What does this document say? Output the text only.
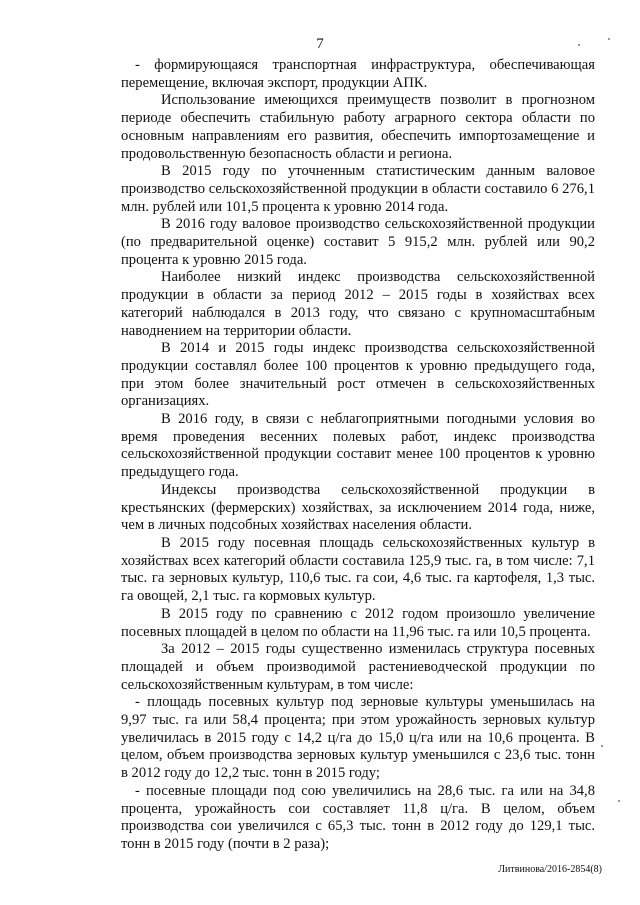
7

- формирующаяся транспортная инфраструктура, обеспечивающая перемещение, включая экспорт, продукции АПК.

Использование имеющихся преимуществ позволит в прогнозном периоде обеспечить стабильную работу аграрного сектора области по основным направлениям его развития, обеспечить импортозамещение и продовольственную безопасность области и региона.

В 2015 году по уточненным статистическим данным валовое производство сельскохозяйственной продукции в области составило 6 276,1 млн. рублей или 101,5 процента к уровню 2014 года.

В 2016 году валовое производство сельскохозяйственной продукции (по предварительной оценке) составит 5 915,2 млн. рублей или 90,2 процента к уровню 2015 года.

Наиболее низкий индекс производства сельскохозяйственной продукции в области за период 2012 – 2015 годы в хозяйствах всех категорий наблюдался в 2013 году, что связано с крупномасштабным наводнением на территории области.

В 2014 и 2015 годы индекс производства сельскохозяйственной продукции составлял более 100 процентов к уровню предыдущего года, при этом более значительный рост отмечен в сельскохозяйственных организациях.

В 2016 году, в связи с неблагоприятными погодными условия во время проведения весенних полевых работ, индекс производства сельскохозяйственной продукции составит менее 100 процентов к уровню предыдущего года.

Индексы производства сельскохозяйственной продукции в крестьянских (фермерских) хозяйствах, за исключением 2014 года, ниже, чем в личных подсобных хозяйствах населения области.

В 2015 году посевная площадь сельскохозяйственных культур в хозяйствах всех категорий области составила 125,9 тыс. га, в том числе: 7,1 тыс. га зерновых культур, 110,6 тыс. га сои, 4,6 тыс. га картофеля, 1,3 тыс. га овощей, 2,1 тыс. га кормовых культур.

В 2015 году по сравнению с 2012 годом произошло увеличение посевных площадей в целом по области на 11,96 тыс. га или 10,5 процента.

За 2012 – 2015 годы существенно изменилась структура посевных площадей и объем производимой растениеводческой продукции по сельскохозяйственным культурам, в том числе:

- площадь посевных культур под зерновые культуры уменьшилась на 9,97 тыс. га или 58,4 процента; при этом урожайность зерновых культур увеличилась в 2015 году с 14,2 ц/га до 15,0 ц/га или на 10,6 процента. В целом, объем производства зерновых культур уменьшился с 23,6 тыс. тонн в 2012 году до 12,2 тыс. тонн в 2015 году;

- посевные площади под сою увеличились на 28,6 тыс. га или на 34,8 процента, урожайность сои составляет 11,8 ц/га. В целом, объем производства сои увеличился с 65,3 тыс. тонн в 2012 году до 129,1 тыс. тонн в 2015 году (почти в 2 раза);

Литвинова/2016-2854(8)
